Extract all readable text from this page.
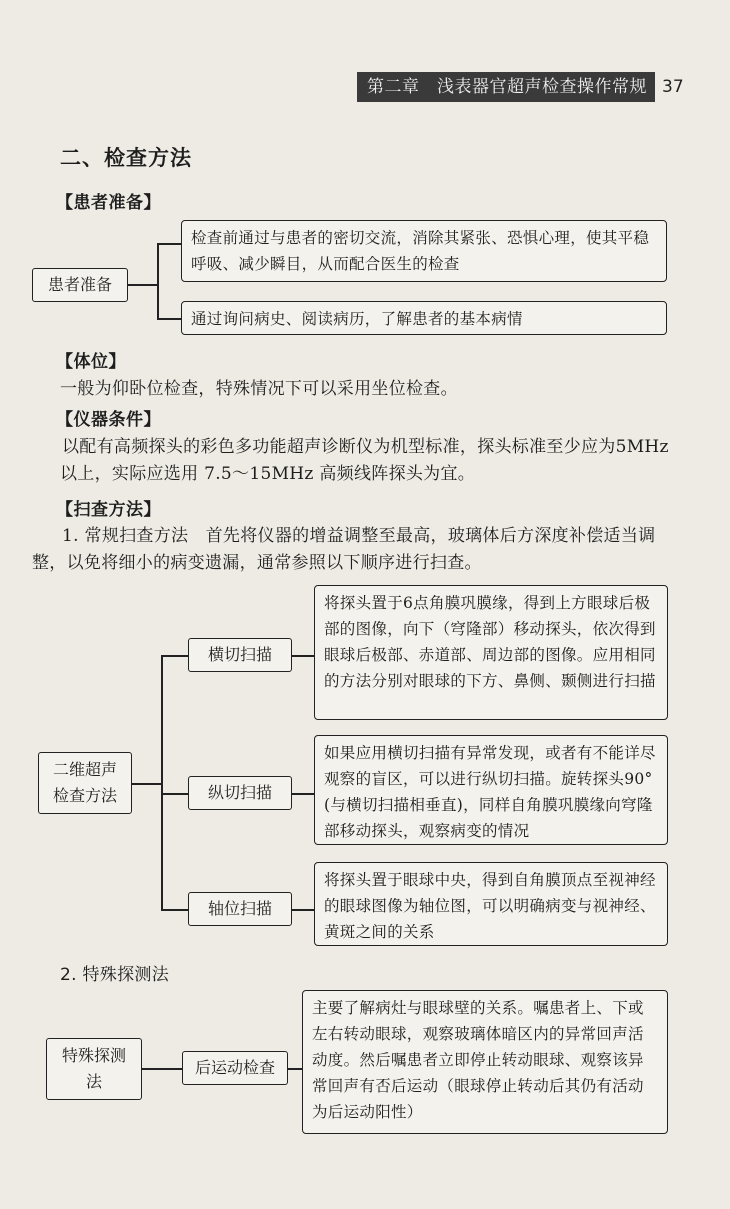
第二章　浅表器官超声检查操作常规 37
二、检查方法
【患者准备】
患者准备
检查前通过与患者的密切交流，消除其紧张、恐惧心理，使其平稳呼吸、减少瞬目，从而配合医生的检查
通过询问病史、阅读病历，了解患者的基本病情
【体位】
一般为仰卧位检查，特殊情况下可以采用坐位检查。
【仪器条件】
以配有高频探头的彩色多功能超声诊断仪为机型标准，探头标准至少应为5MHz 以上，实际应选用 7.5～15MHz 高频线阵探头为宜。
【扫查方法】
1. 常规扫查方法　首先将仪器的增益调整至最高，玻璃体后方深度补偿适当调整，以免将细小的病变遗漏，通常参照以下顺序进行扫查。
二维超声检查方法
横切扫描
纵切扫描
轴位扫描
将探头置于6点角膜巩膜缘，得到上方眼球后极部的图像，向下（穹隆部）移动探头，依次得到眼球后极部、赤道部、周边部的图像。应用相同的方法分别对眼球的下方、鼻侧、颞侧进行扫描
如果应用横切扫描有异常发现，或者有不能详尽观察的盲区，可以进行纵切扫描。旋转探头90°(与横切扫描相垂直)，同样自角膜巩膜缘向穹隆部移动探头，观察病变的情况
将探头置于眼球中央，得到自角膜顶点至视神经的眼球图像为轴位图，可以明确病变与视神经、黄斑之间的关系
2. 特殊探测法
特殊探测法
后运动检查
主要了解病灶与眼球壁的关系。嘱患者上、下或左右转动眼球，观察玻璃体暗区内的异常回声活动度。然后嘱患者立即停止转动眼球、观察该异常回声有否后运动（眼球停止转动后其仍有活动为后运动阳性）
